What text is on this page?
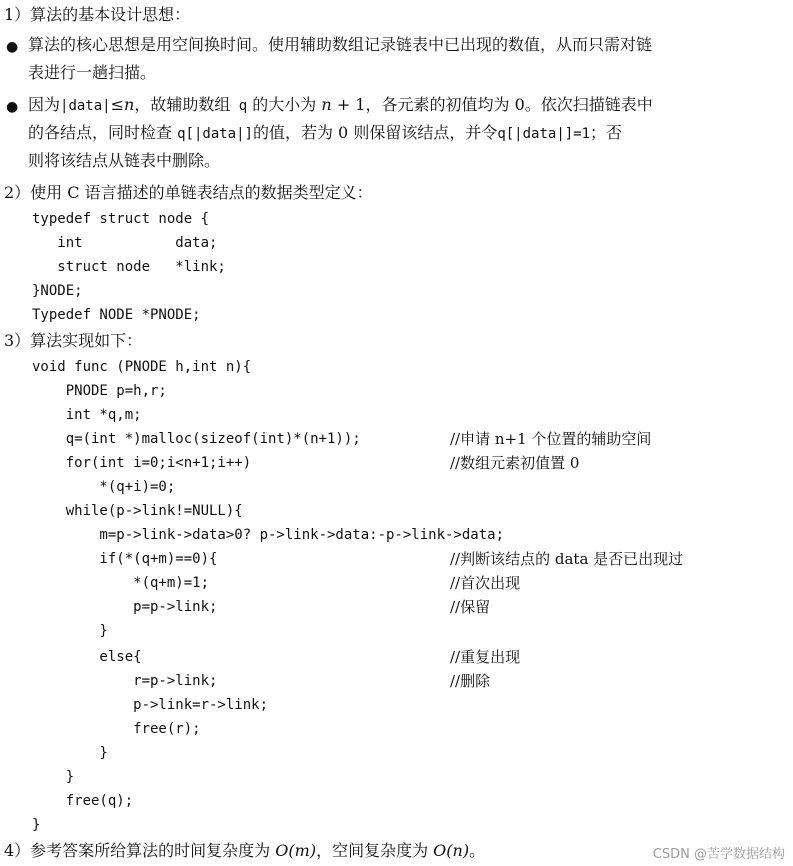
1）算法的基本设计思想：
● 算法的核心思想是用空间换时间。使用辅助数组记录链表中已出现的数值，从而只需对链
表进行一趟扫描。
● 因为|data|≤n，故辅助数组 q 的大小为 n + 1，各元素的初值均为 0。依次扫描链表中
的各结点，同时检查 q[|data|]的值，若为 0 则保留该结点，并令q[|data|]=1；否
则将该结点从链表中删除。
2）使用 C 语言描述的单链表结点的数据类型定义：
typedef struct node {
int           data;
struct node   *link;
}NODE;
Typedef NODE *PNODE;
3）算法实现如下：
void func (PNODE h,int n){
PNODE p=h,r;
int *q,m;
q=(int *)malloc(sizeof(int)*(n+1));	//申请 n+1 个位置的辅助空间
for(int i=0;i<n+1;i++)	//数组元素初值置 0
*(q+i)=0;
while(p->link!=NULL){
m=p->link->data>0? p->link->data:-p->link->data;
if(*(q+m)==0){	//判断该结点的 data 是否已出现过
*(q+m)=1;	//首次出现
p=p->link;	//保留
}
else{	//重复出现
r=p->link;	//删除
p->link=r->link;
free(r);
}
}
free(q);
}
4）参考答案所给算法的时间复杂度为 O(m)，空间复杂度为 O(n)。	CSDN @苦学数据结构
